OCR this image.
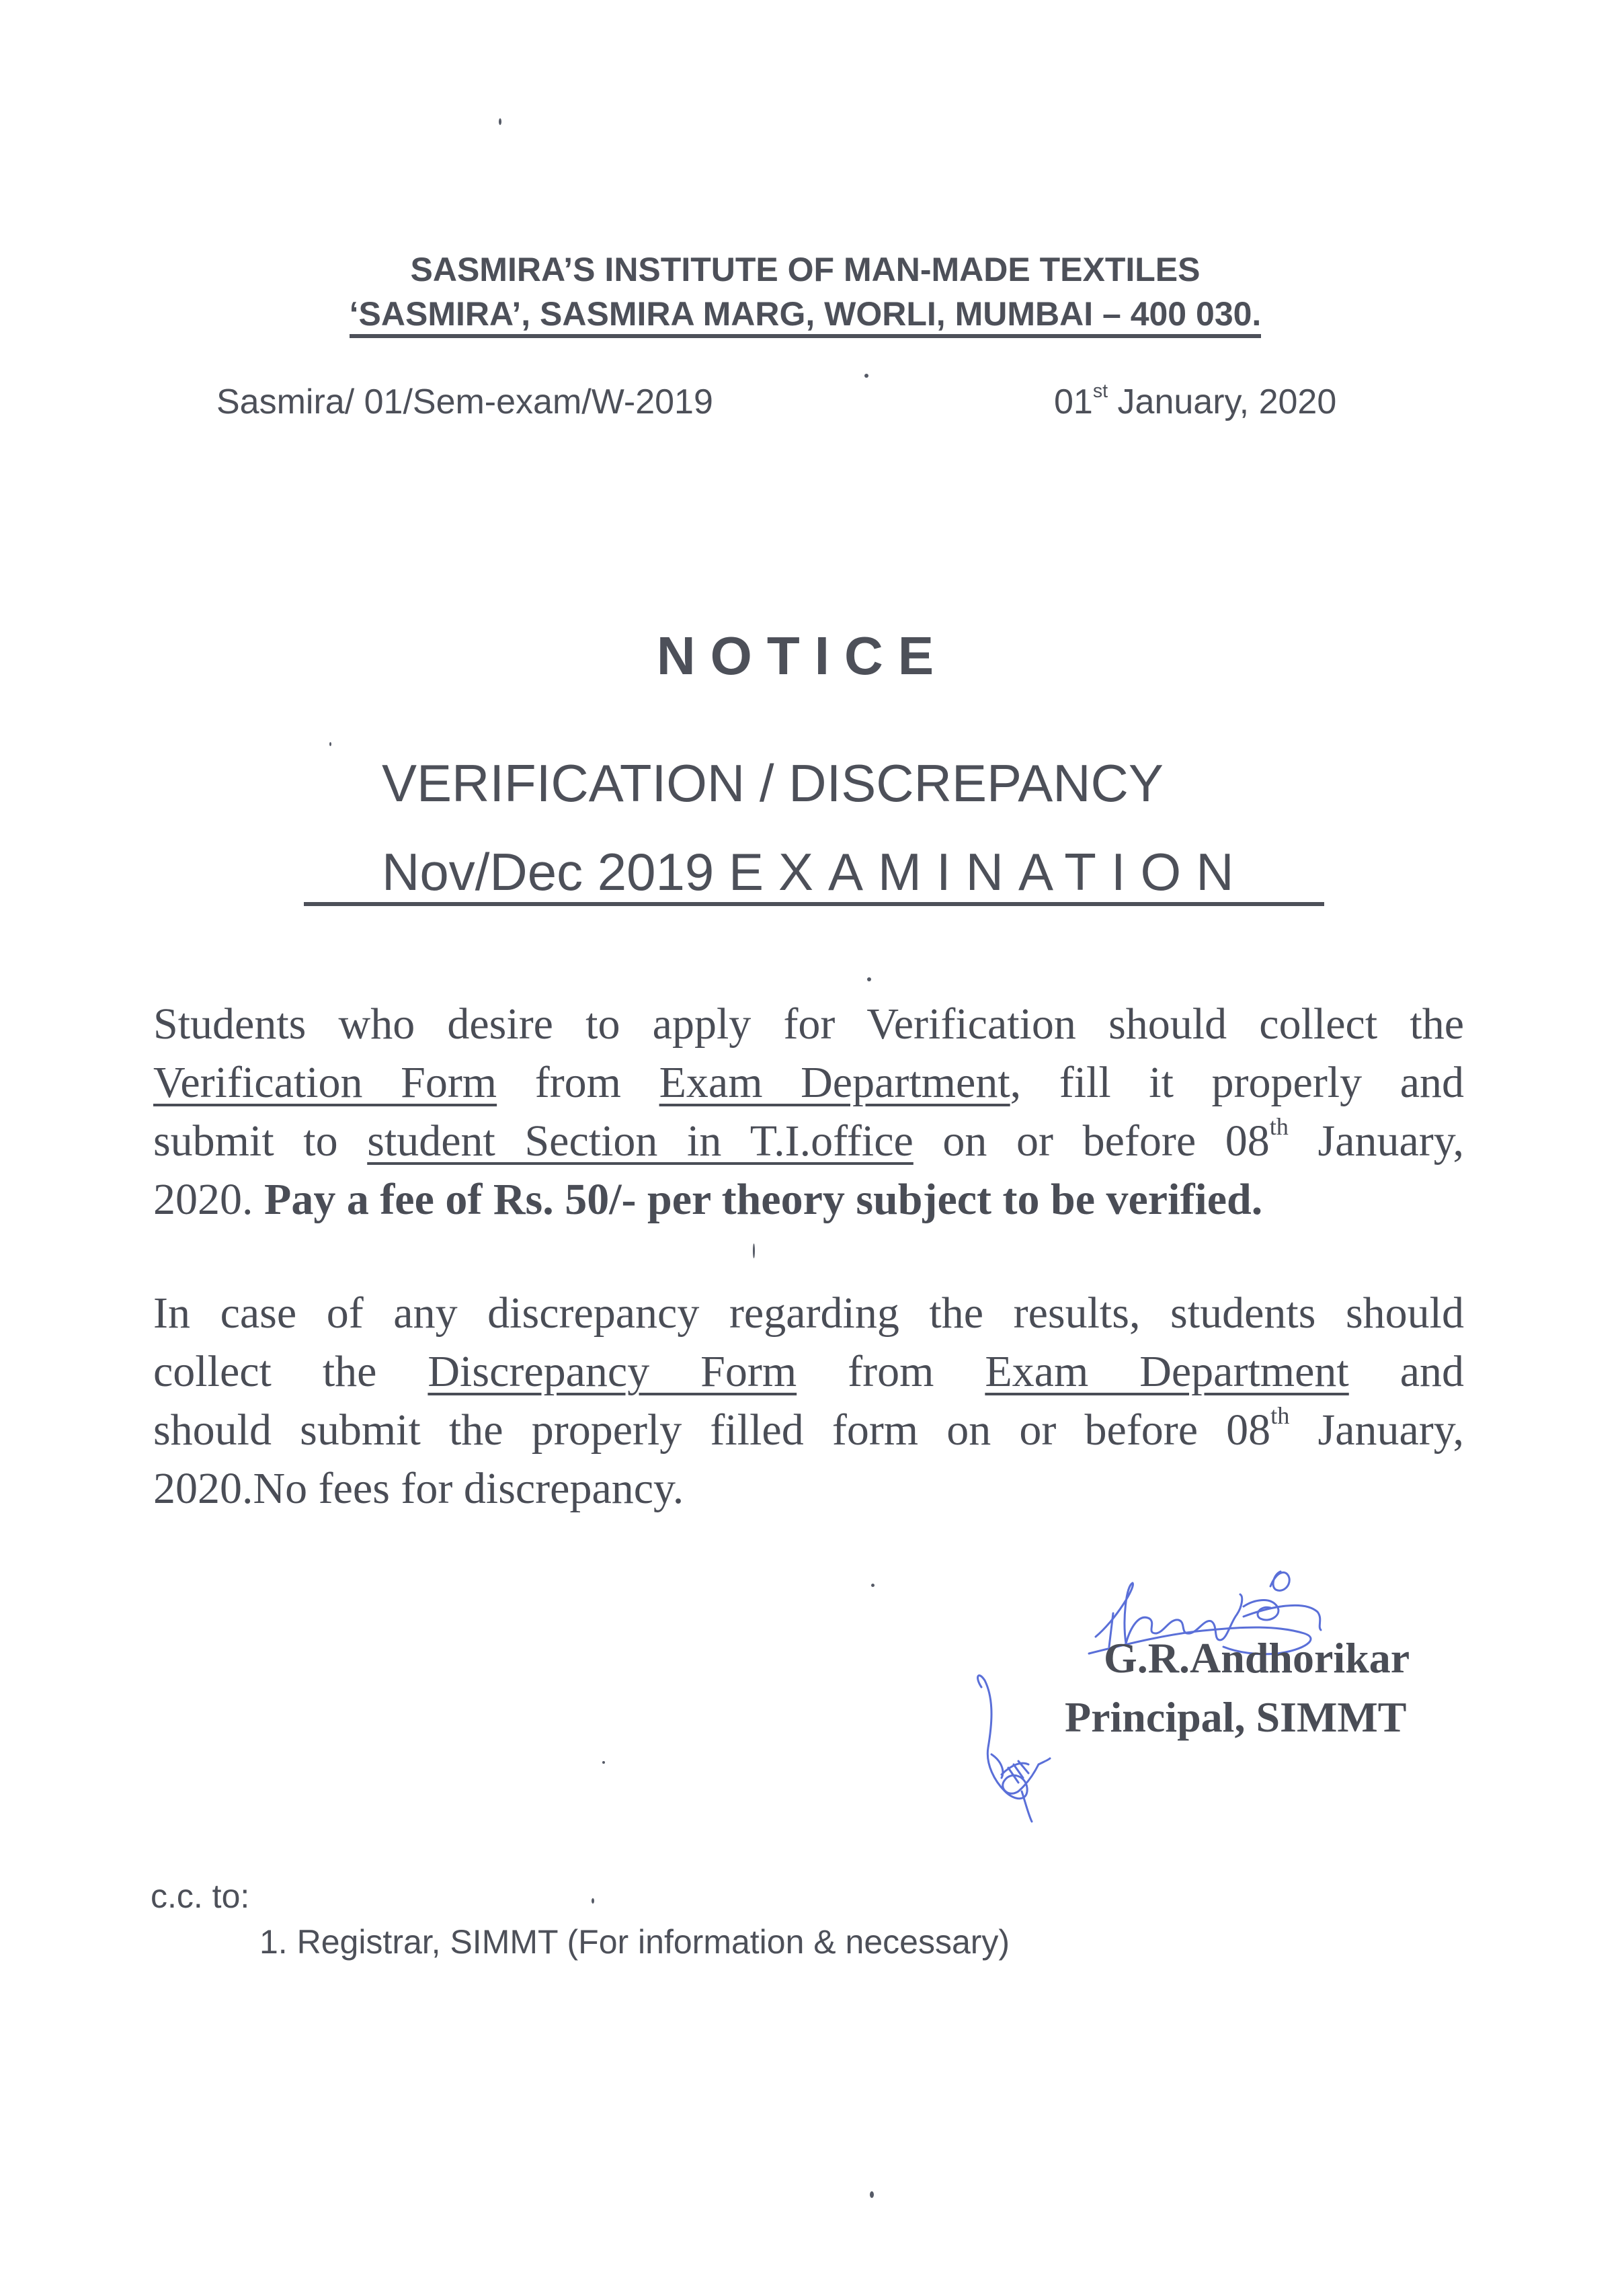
SASMIRA’S INSTITUTE OF MAN-MADE TEXTILES
‘SASMIRA’, SASMIRA MARG, WORLI, MUMBAI – 400 030.
Sasmira/ 01/Sem-exam/W-2019	01st January, 2020
NOTICE
VERIFICATION / DISCREPANCY
Nov/Dec 2019 EXAMINATION
Students who desire to apply for Verification should collect the
Verification Form from Exam Department, fill it properly and
submit to student Section in T.I.office on or before 08th January,
2020. Pay a fee of Rs. 50/- per theory subject to be verified.
In case of any discrepancy regarding the results, students should
collect the Discrepancy Form from Exam Department and
should submit the properly filled form on or before 08th January,
2020.No fees for discrepancy.
G.R.Andhorikar
Principal, SIMMT
c.c. to:
1. Registrar, SIMMT (For information & necessary)
